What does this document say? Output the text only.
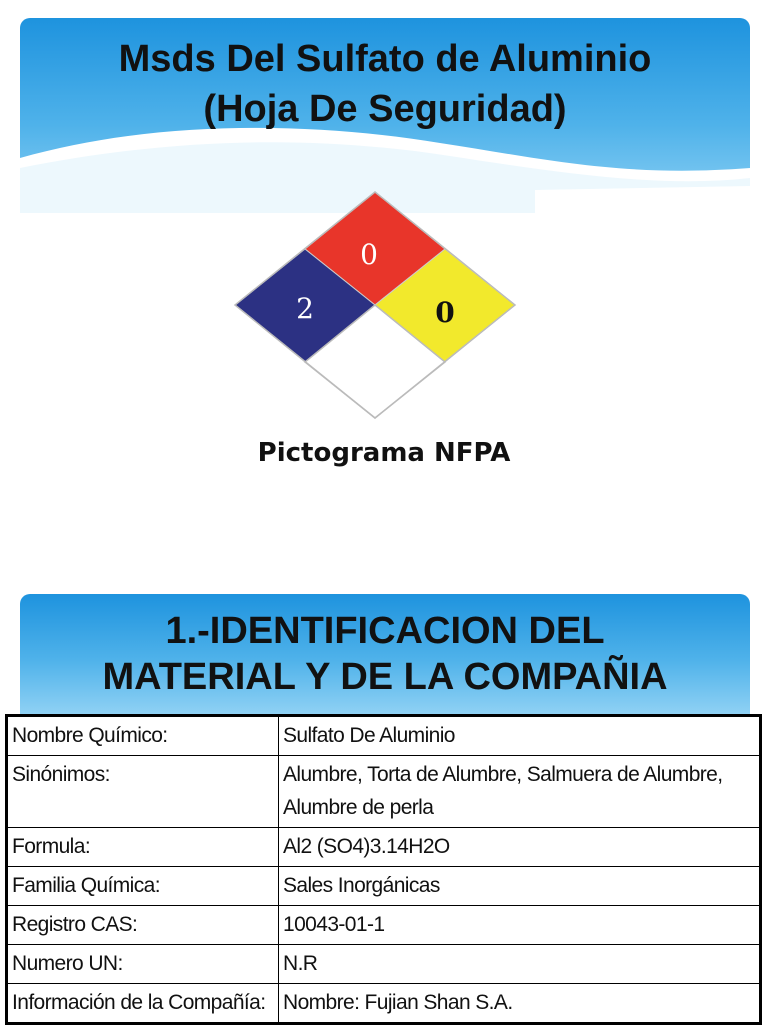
Msds Del Sulfato de Aluminio
(Hoja De Seguridad)
0
2	0
Pictograma NFPA
1.-IDENTIFICACION DEL
MATERIAL Y DE LA COMPAÑIA
Nombre Químico:	Sulfato De Aluminio
Sinónimos:	Alumbre, Torta de Alumbre, Salmuera de Alumbre, Alumbre de perla
Formula:	Al2 (SO4)3.14H2O
Familia Química:	Sales Inorgánicas
Registro CAS:	10043-01-1
Numero UN:	N.R
Información de la Compañía:	Nombre: Fujian Shan S.A.
